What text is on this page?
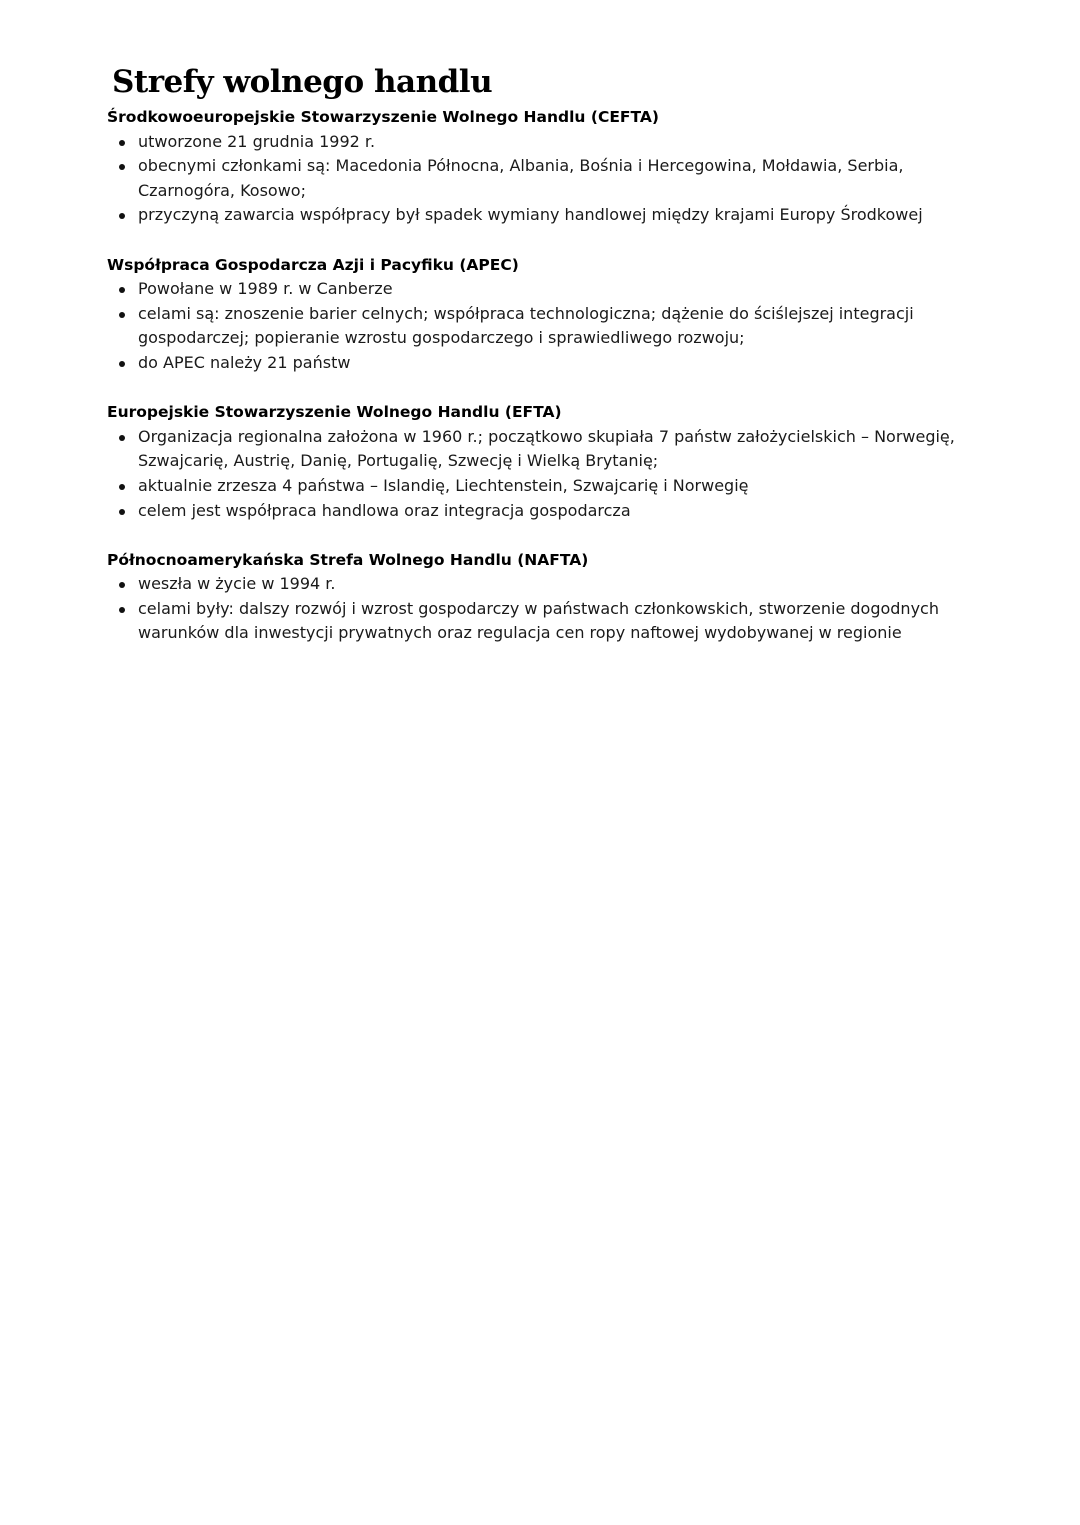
Strefy wolnego handlu
Środkowoeuropejskie Stowarzyszenie Wolnego Handlu (CEFTA)
utworzone 21 grudnia 1992 r.
obecnymi członkami są: Macedonia Północna, Albania, Bośnia i Hercegowina, Mołdawia, Serbia, Czarnogóra, Kosowo;
przyczyną zawarcia współpracy był spadek wymiany handlowej między krajami Europy Środkowej
Współpraca Gospodarcza Azji i Pacyfiku (APEC)
Powołane w 1989 r. w Canberze
celami są: znoszenie barier celnych; współpraca technologiczna; dążenie do ściślejszej integracji gospodarczej; popieranie wzrostu gospodarczego i sprawiedliwego rozwoju;
do APEC należy 21 państw
Europejskie Stowarzyszenie Wolnego Handlu (EFTA)
Organizacja regionalna założona w 1960 r.; początkowo skupiała 7 państw założycielskich – Norwegię, Szwajcarię, Austrię, Danię, Portugalię, Szwecję i Wielką Brytanię;
aktualnie zrzesza 4 państwa – Islandię, Liechtenstein, Szwajcarię i Norwegię
celem jest współpraca handlowa oraz integracja gospodarcza
Północnoamerykańska Strefa Wolnego Handlu (NAFTA)
weszła w życie w 1994 r.
celami były: dalszy rozwój i wzrost gospodarczy w państwach członkowskich, stworzenie dogodnych warunków dla inwestycji prywatnych oraz regulacja cen ropy naftowej wydobywanej w regionie
